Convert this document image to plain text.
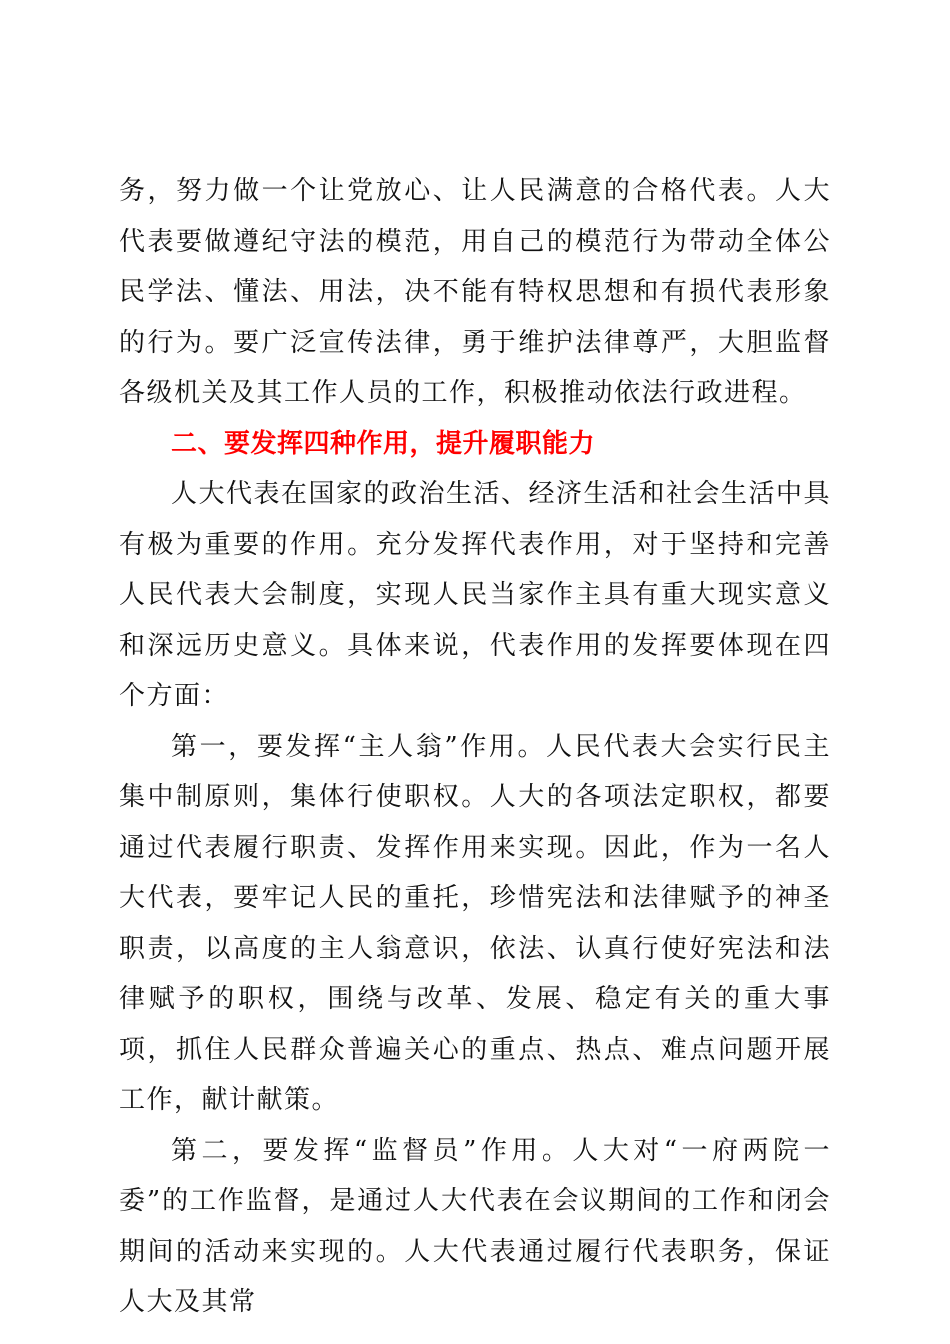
务，努力做一个让党放心、让人民满意的合格代表。人大代表要做遵纪守法的模范，用自己的模范行为带动全体公民学法、懂法、用法，决不能有特权思想和有损代表形象的行为。要广泛宣传法律，勇于维护法律尊严，大胆监督各级机关及其工作人员的工作，积极推动依法行政进程。

二、要发挥四种作用，提升履职能力

人大代表在国家的政治生活、经济生活和社会生活中具有极为重要的作用。充分发挥代表作用，对于坚持和完善人民代表大会制度，实现人民当家作主具有重大现实意义和深远历史意义。具体来说，代表作用的发挥要体现在四个方面：

第一，要发挥“主人翁”作用。人民代表大会实行民主集中制原则，集体行使职权。人大的各项法定职权，都要通过代表履行职责、发挥作用来实现。因此，作为一名人大代表，要牢记人民的重托，珍惜宪法和法律赋予的神圣职责，以高度的主人翁意识，依法、认真行使好宪法和法律赋予的职权，围绕与改革、发展、稳定有关的重大事项，抓住人民群众普遍关心的重点、热点、难点问题开展工作，献计献策。

第二，要发挥“监督员”作用。人大对“一府两院一委”的工作监督，是通过人大代表在会议期间的工作和闭会期间的活动来实现的。人大代表通过履行代表职务，保证人大及其常
